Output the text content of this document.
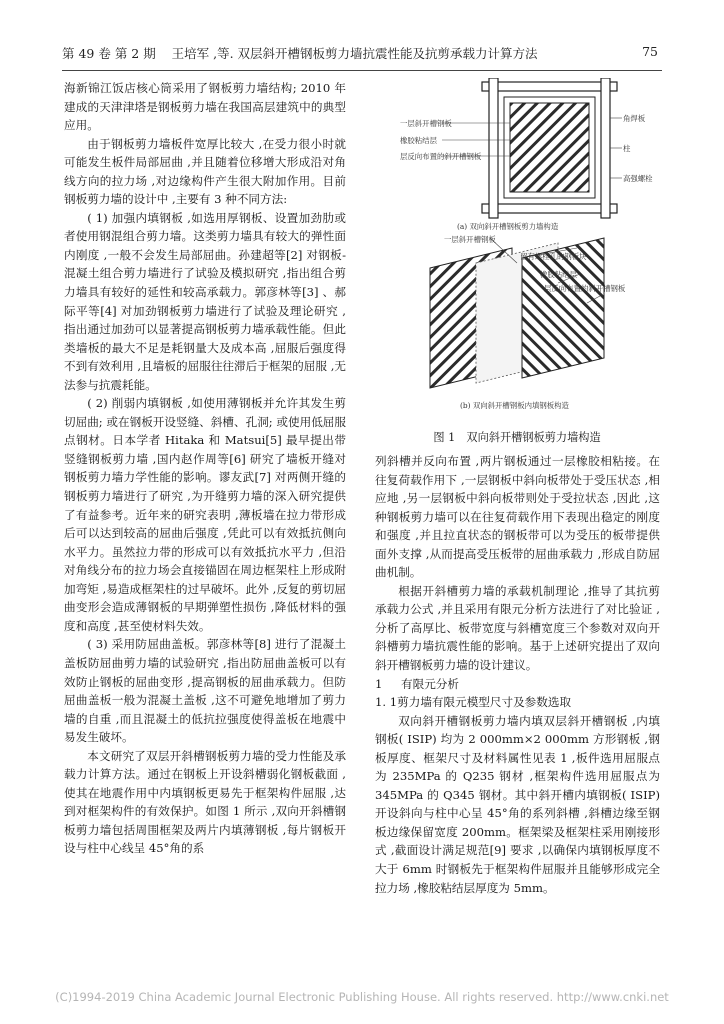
第 49 卷 第 2 期 王培军 ,等. 双层斜开槽钢板剪力墙抗震性能及抗剪承载力计算方法	75

海新锦江饭店核心筒采用了钢板剪力墙结构; 2010 年建成的天津津塔是钢板剪力墙在我国高层建筑中的典型应用。

由于钢板剪力墙板件宽厚比较大 ,在受力很小时就可能发生板件局部屈曲 ,并且随着位移增大形成沿对角线方向的拉力场 ,对边缘构件产生很大附加作用。目前钢板剪力墙的设计中 ,主要有 3 种不同方法:

( 1) 加强内填钢板 ,如选用厚钢板、设置加劲肋或者使用钢混组合剪力墙。这类剪力墙具有较大的弹性面内刚度 ,一般不会发生局部屈曲。孙建超等[2] 对钢板-混凝土组合剪力墙进行了试验及模拟研究 ,指出组合剪力墙具有较好的延性和较高承载力。郭彦林等[3] 、郝际平等[4] 对加劲钢板剪力墙进行了试验及理论研究 ,指出通过加劲可以显著提高钢板剪力墙承载性能。但此类墙板的最大不足是耗钢量大及成本高 ,屈服后强度得不到有效利用 ,且墙板的屈服往往滞后于框架的屈服 ,无法参与抗震耗能。

( 2) 削弱内填钢板 ,如使用薄钢板并允许其发生剪切屈曲; 或在钢板开设竖缝、斜槽、孔洞; 或使用低屈服点钢材。日本学者 Hitaka 和 Matsui[5] 最早提出带竖缝钢板剪力墙 ,国内赵作周等[6] 研究了墙板开缝对钢板剪力墙力学性能的影响。谬友武[7] 对两侧开缝的钢板剪力墙进行了研究 ,为开缝剪力墙的深入研究提供了有益参考。近年来的研究表明 ,薄板墙在拉力带形成后可以达到较高的屈曲后强度 ,凭此可以有效抵抗侧向水平力。虽然拉力带的形成可以有效抵抗水平力 ,但沿对角线分布的拉力场会直接锚固在周边框架柱上形成附加弯矩 ,易造成框架柱的过早破坏。此外 ,反复的剪切屈曲变形会造成薄钢板的早期弹塑性损伤 ,降低材料的强度和高度 ,甚至使材料失效。

( 3) 采用防屈曲盖板。郭彦林等[8] 进行了混凝土盖板防屈曲剪力墙的试验研究 ,指出防屈曲盖板可以有效防止钢板的屈曲变形 ,提高钢板的屈曲承载力。但防屈曲盖板一般为混凝土盖板 ,这不可避免地增加了剪力墙的自重 ,而且混凝土的低抗拉强度使得盖板在地震中易发生破坏。

本文研究了双层开斜槽钢板剪力墙的受力性能及承载力计算方法。通过在钢板上开设斜槽弱化钢板截面 ,使其在地震作用中内填钢板更易先于框架构件屈服 ,达到对框架构件的有效保护。如图 1 所示 ,双向开斜槽钢板剪力墙包括周围框架及两片内填薄钢板 ,每片钢板开设与柱中心线呈 45°角的系

一层斜开槽钢板
橡胶粘结层
层反向布置的斜开槽钢板
角焊板
柱
高强螺栓
(a) 双向斜开槽钢板剪力墙构造
一层斜开槽钢板
留有螺栓孔的钢板块
橡胶粘结层
层反向布置的斜开槽钢板
(b) 双向斜开槽钢板内填钢板构造
图 1　双向斜开槽钢板剪力墙构造

列斜槽并反向布置 ,两片钢板通过一层橡胶相粘接。在往复荷载作用下 ,一层钢板中斜向板带处于受压状态 ,相应地 ,另一层钢板中斜向板带则处于受拉状态 ,因此 ,这种钢板剪力墙可以在往复荷载作用下表现出稳定的刚度和强度 ,并且拉直状态的钢板带可以为受压的板带提供面外支撑 ,从而提高受压板带的屈曲承载力 ,形成自防屈曲机制。

根据开斜槽剪力墙的承载机制理论 ,推导了其抗剪承载力公式 ,并且采用有限元分析方法进行了对比验证 ,分析了高厚比、板带宽度与斜槽宽度三个参数对双向开斜槽剪力墙抗震性能的影响。基于上述研究提出了双向斜开槽钢板剪力墙的设计建议。

1 有限元分析

1. 1剪力墙有限元模型尺寸及参数选取

双向斜开槽钢板剪力墙内填双层斜开槽钢板 ,内填钢板( ISIP) 均为 2 000mm×2 000mm 方形钢板 ,钢板厚度、框架尺寸及材料属性见表 1 ,板件选用屈服点为 235MPa 的 Q235 钢材 ,框架构件选用屈服点为 345MPa 的 Q345 钢材。其中斜开槽内填钢板( ISIP) 开设斜向与柱中心呈 45°角的系列斜槽 ,斜槽边缘至钢板边缘保留宽度 200mm。框架梁及框架柱采用刚接形式 ,截面设计满足规范[9] 要求 ,以确保内填钢板厚度不大于 6mm 时钢板先于框架构件屈服并且能够形成完全拉力场 ,橡胶粘结层厚度为 5mm。

(C)1994-2019 China Academic Journal Electronic Publishing House. All rights reserved. http://www.cnki.net
